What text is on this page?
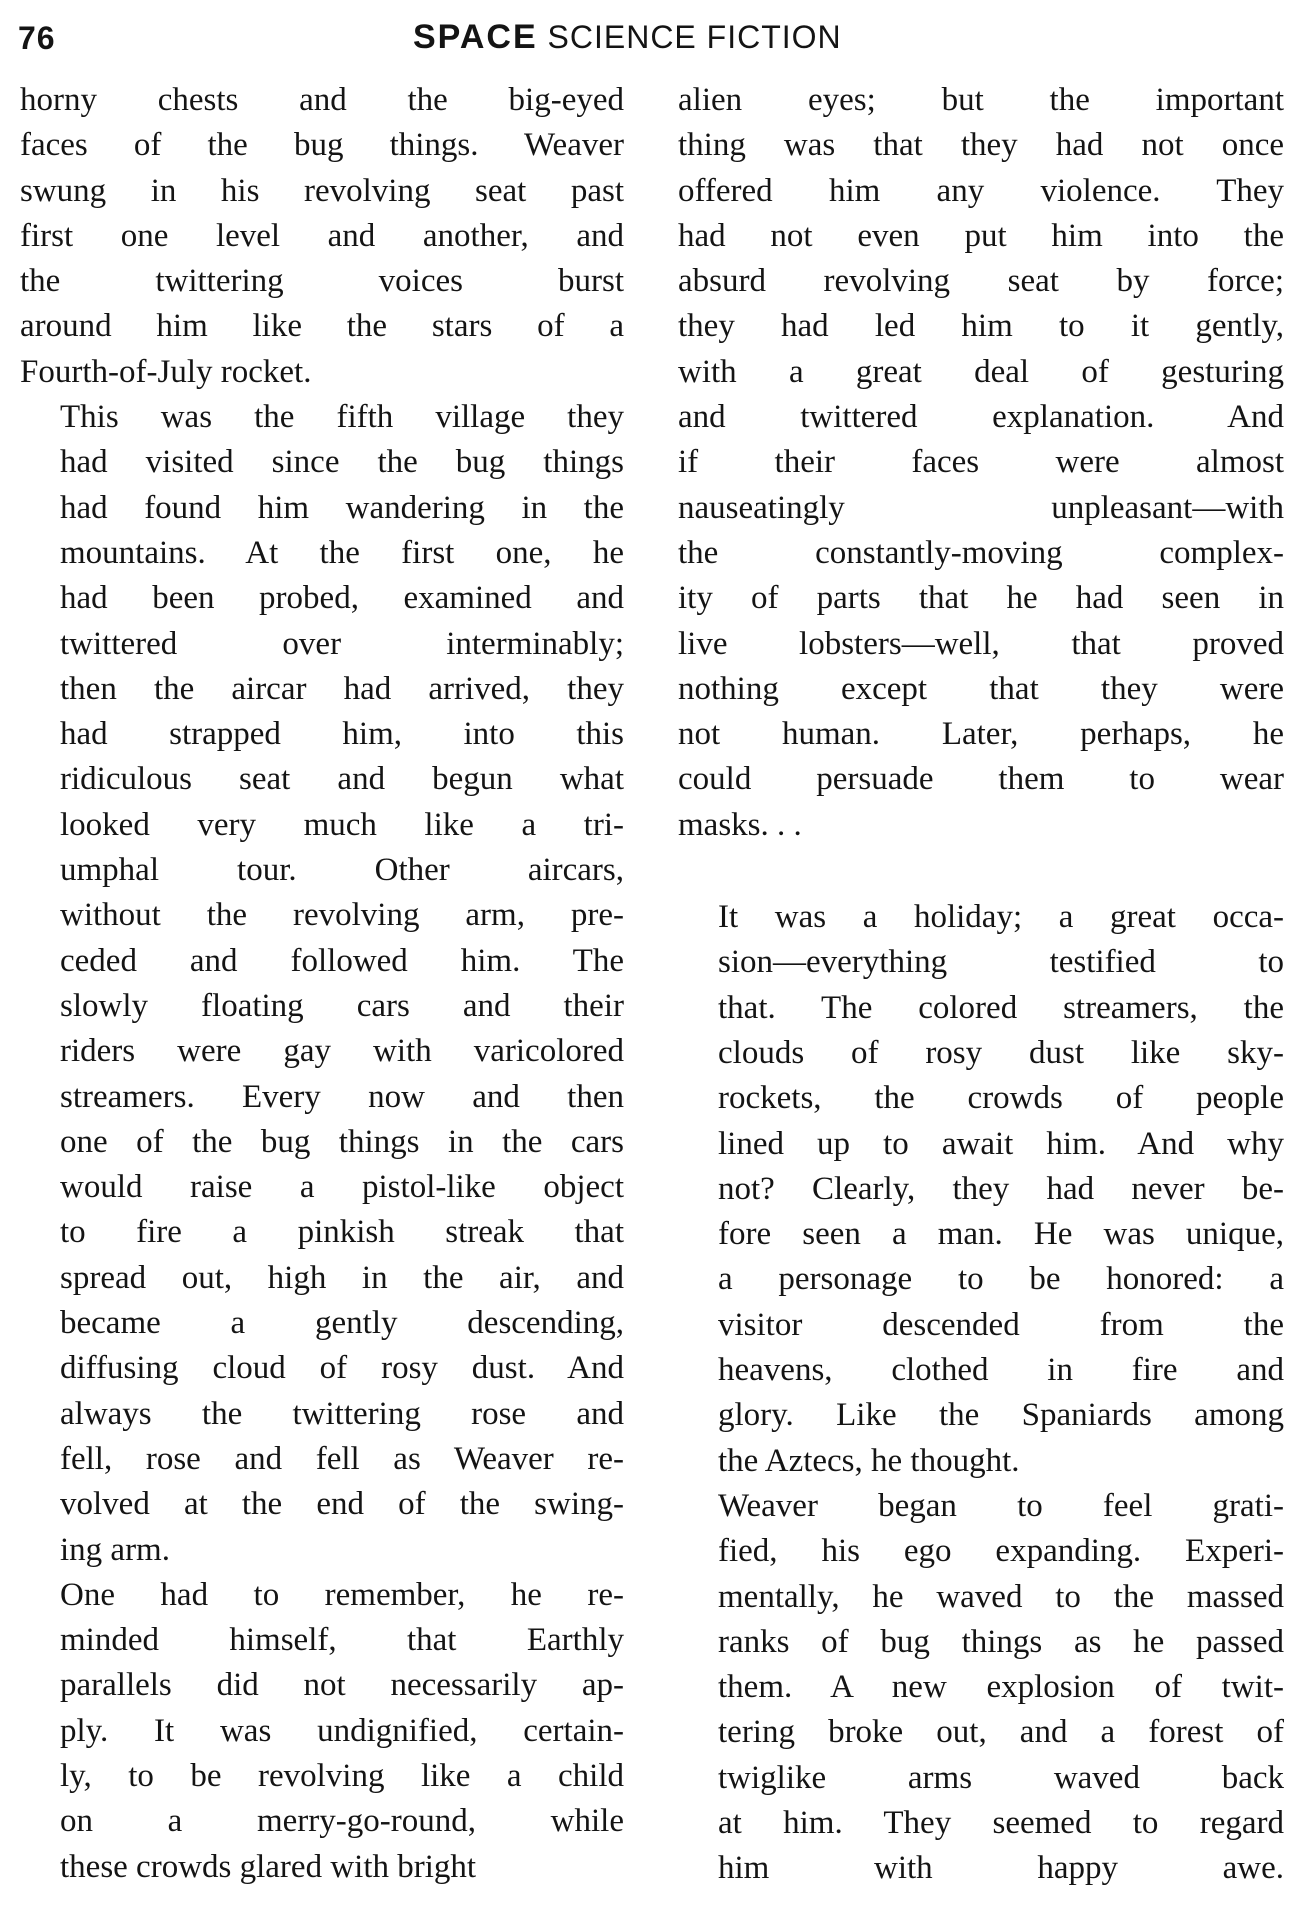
76	SPACE SCIENCE FICTION

horny chests and the big-eyed
faces of the bug things. Weaver
swung in his revolving seat past
first one level and another, and
the twittering voices burst
around him like the stars of a
Fourth-of-July rocket.

This was the fifth village they
had visited since the bug things
had found him wandering in the
mountains. At the first one, he
had been probed, examined and
twittered over interminably;
then the aircar had arrived, they
had strapped him, into this
ridiculous seat and begun what
looked very much like a tri-
umphal tour. Other aircars,
without the revolving arm, pre-
ceded and followed him. The
slowly floating cars and their
riders were gay with varicolored
streamers. Every now and then
one of the bug things in the cars
would raise a pistol-like object
to fire a pinkish streak that
spread out, high in the air, and
became a gently descending,
diffusing cloud of rosy dust. And
always the twittering rose and
fell, rose and fell as Weaver re-
volved at the end of the swing-
ing arm.

One had to remember, he re-
minded himself, that Earthly
parallels did not necessarily ap-
ply. It was undignified, certain-
ly, to be revolving like a child
on a merry-go-round, while
these crowds glared with bright

alien eyes; but the important
thing was that they had not once
offered him any violence. They
had not even put him into the
absurd revolving seat by force;
they had led him to it gently,
with a great deal of gesturing
and twittered explanation. And
if their faces were almost
nauseatingly unpleasant—with
the constantly-moving complex-
ity of parts that he had seen in
live lobsters—well, that proved
nothing except that they were
not human. Later, perhaps, he
could persuade them to wear
masks. . .

It was a holiday; a great occa-
sion—everything testified to
that. The colored streamers, the
clouds of rosy dust like sky-
rockets, the crowds of people
lined up to await him. And why
not? Clearly, they had never be-
fore seen a man. He was unique,
a personage to be honored: a
visitor descended from the
heavens, clothed in fire and
glory. Like the Spaniards among
the Aztecs, he thought.

Weaver began to feel grati-
fied, his ego expanding. Experi-
mentally, he waved to the massed
ranks of bug things as he passed
them. A new explosion of twit-
tering broke out, and a forest of
twiglike arms waved back
at him. They seemed to regard
him with happy awe.
